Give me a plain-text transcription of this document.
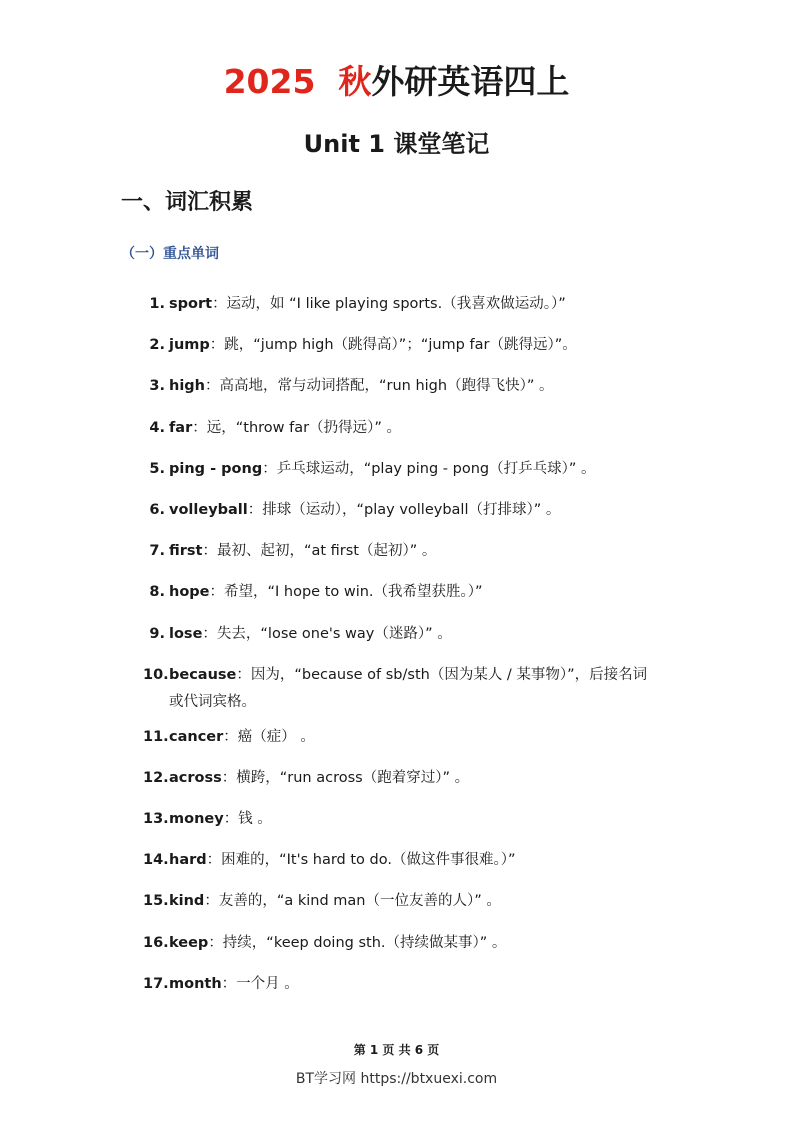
2025 秋外研英语四上
Unit 1 课堂笔记
一、词汇积累
（一）重点单词
1. sport：运动，如 “I like playing sports.（我喜欢做运动。）”
2. jump：跳，“jump high（跳得高）”；“jump far（跳得远）”。
3. high：高高地，常与动词搭配，“run high（跑得飞快）” 。
4. far：远，“throw far（扔得远）” 。
5. ping - pong：乒乓球运动，“play ping - pong（打乒乓球）” 。
6. volleyball：排球（运动），“play volleyball（打排球）” 。
7. first：最初、起初，“at first（起初）” 。
8. hope：希望，“I hope to win.（我希望获胜。）”
9. lose：失去，“lose one's way（迷路）” 。
10. because：因为，“because of sb/sth（因为某人 / 某事物）”，后接名词
或代词宾格。
11. cancer：癌（症） 。
12. across：横跨，“run across（跑着穿过）” 。
13. money：钱 。
14. hard：困难的，“It's hard to do.（做这件事很难。）”
15. kind：友善的，“a kind man（一位友善的人）” 。
16. keep：持续，“keep doing sth.（持续做某事）” 。
17. month：一个月 。
第 1 页 共 6 页
BT学习网 https://btxuexi.com
